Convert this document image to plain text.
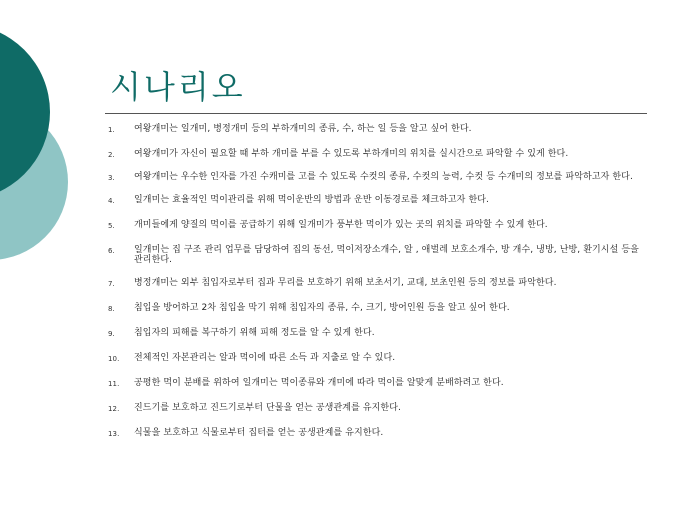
시나리오
1. 여왕개미는 일개미, 병정개미 등의 부하개미의 종류, 수, 하는 일 등을 알고 싶어 한다.
2. 여왕개미가 자신이 필요할 때 부하 개미를 부를 수 있도록 부하개미의 위치를 실시간으로 파악할 수 있게 한다.
3. 여왕개미는 우수한 인자를 가진 수캐미를 고를 수 있도록 수컷의 종류, 수컷의 능력, 수컷 등 수개미의 정보를 파악하고자 한다.
4. 일개미는 효율적인 먹이관리를 위해 먹이운반의 방법과 운반 이동경로를 체크하고자 한다.
5. 개미들에게 양질의 먹이를 공급하기 위해 일개미가 풍부한 먹이가 있는 곳의 위치를 파악할 수 있게 한다.
6. 일개미는 집 구조 관리 업무를 담당하여 집의 동선, 먹이저장소개수, 알 , 애벌레 보호소개수, 방 개수, 냉방, 난방, 환기시설 등을 관리한다.
7. 병정개미는 외부 침입자로부터 집과 무리를 보호하기 위해 보초서기, 교대, 보초인원 등의 정보를 파악한다.
8. 침입을 방어하고 2차 침입을 막기 위해 침입자의 종류, 수, 크기, 방어인원 등을 알고 싶어 한다.
9. 침입자의 피해를 복구하기 위해 피해 정도를 알 수 있게 한다.
10. 전체적인 자본관리는 알과 먹이에 따른 소득 과 지출로 알 수 있다.
11. 공평한 먹이 분배를 위하여 일개미는 먹이종류와 개미에 따라 먹이를 알맞게 분배하려고 한다.
12. 진드기를 보호하고 진드기로부터 단물을 얻는 공생관계를 유지한다.
13. 식물을 보호하고 식물로부터 집터를 얻는 공생관계를 유지한다.
